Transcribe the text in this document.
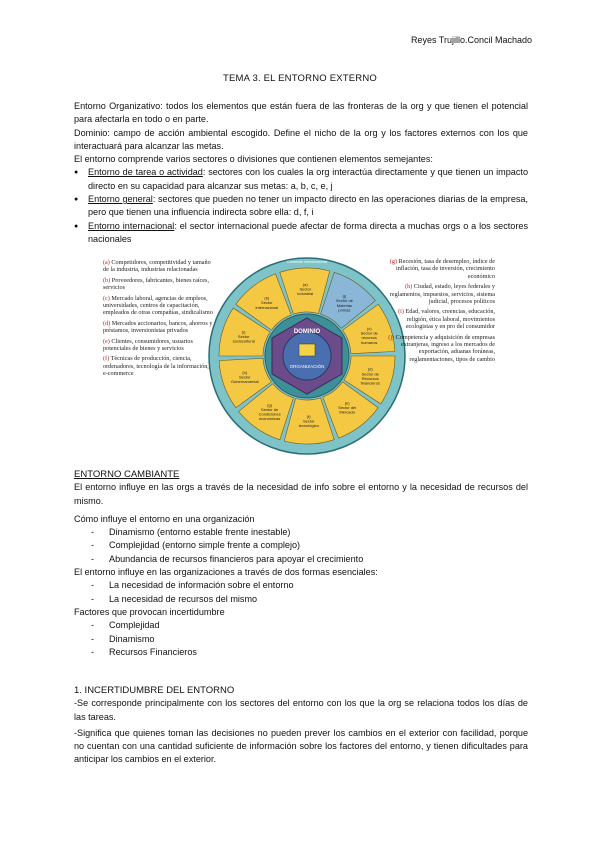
Reyes Trujillo.Concil Machado
TEMA 3. EL ENTORNO EXTERNO

Entorno Organizativo: todos los elementos que están fuera de las fronteras de la org y que tienen el potencial para afectarla en todo o en parte.

Dominio: campo de acción ambiental escogido. Define el nicho de la org y los factores externos con los que interactuará para alcanzar las metas.

El entorno comprende varios sectores o divisiones que contienen elementos semejantes:

● Entorno de tarea o actividad: sectores con los cuales la org interactúa directamente y que tienen un impacto directo en su capacidad para alcanzar sus metas: a, b, c, e, j
● Entorno general: sectores que pueden no tener un impacto directo en las operaciones diarias de la empresa, pero que tienen una influencia indirecta sobre ella: d, f, i
● Entorno internacional: el sector internacional puede afectar de forma directa a muchas orgs o a los sectores nacionales
(a) Competidores, competitividad y tamaño de la industria, industrias relacionadas
(b) Proveedores, fabricantes, bienes raíces, servicios
(c) Mercado laboral, agencias de empleos, universidades, centros de capacitación, empleados de otras compañías, sindicalismo
(d) Mercados accionarios, bancos, ahorros y préstamos, inversionistas privados
(e) Clientes, consumidores, usuarios potenciales de bienes y servicios
(f) Técnicas de producción, ciencia, ordenadores, tecnología de la información, e-commerce
(a) Sector industrial	(j) Sector de Materias primas
(c) Sector de recursos humanos
(d) Sector de Recursos financieros
(e) Sector del Mercado
(f) Sector tecnológico
(g) Sector de Condiciones económicas
(h) Sector Gubernamental
(i) Sector sociocultural
(b) Sector internacional
DOMINIO
ORGANIZACIÓN
Contexto internacional	(g) Recesión, tasa de desempleo, índice de inflación, tasa de inversión, crecimiento económico
(h) Ciudad, estado, leyes federales y reglamentos, impuestos, servicios, sistema judicial, procesos políticos
(i) Edad, valores, creencias, educación, religión, ética laboral, movimientos ecologistas y en pro del consumidor
(j) Competencia y adquisición de empresas extranjeras, ingreso a los mercados de exportación, aduanas foráneas, reglamentaciones, tipos de cambio

ENTORNO CAMBIANTE

El entorno influye en las orgs a través de la necesidad de info sobre el entorno y la necesidad de recursos del mismo.

Cómo influye el entorno en una organización

- Dinamismo (entorno estable frente inestable)
- Complejidad (entorno simple frente a complejo)
- Abundancia de recursos financieros para apoyar el crecimiento

El entorno influye en las organizaciones a través de dos formas esenciales:

- La necesidad de información sobre el entorno
- La necesidad de recursos del mismo

Factores que provocan incertidumbre

- Complejidad
- Dinamismo
- Recursos Financieros

1. INCERTIDUMBRE DEL ENTORNO

-Se corresponde principalmente con los sectores del entorno con los que la org se relaciona todos los días de las tareas.

-Significa que quienes toman las decisiones no pueden prever los cambios en el exterior con facilidad, porque no cuentan con una cantidad suficiente de información sobre los factores del entorno, y tienen dificultades para anticipar los cambios en el exterior.
